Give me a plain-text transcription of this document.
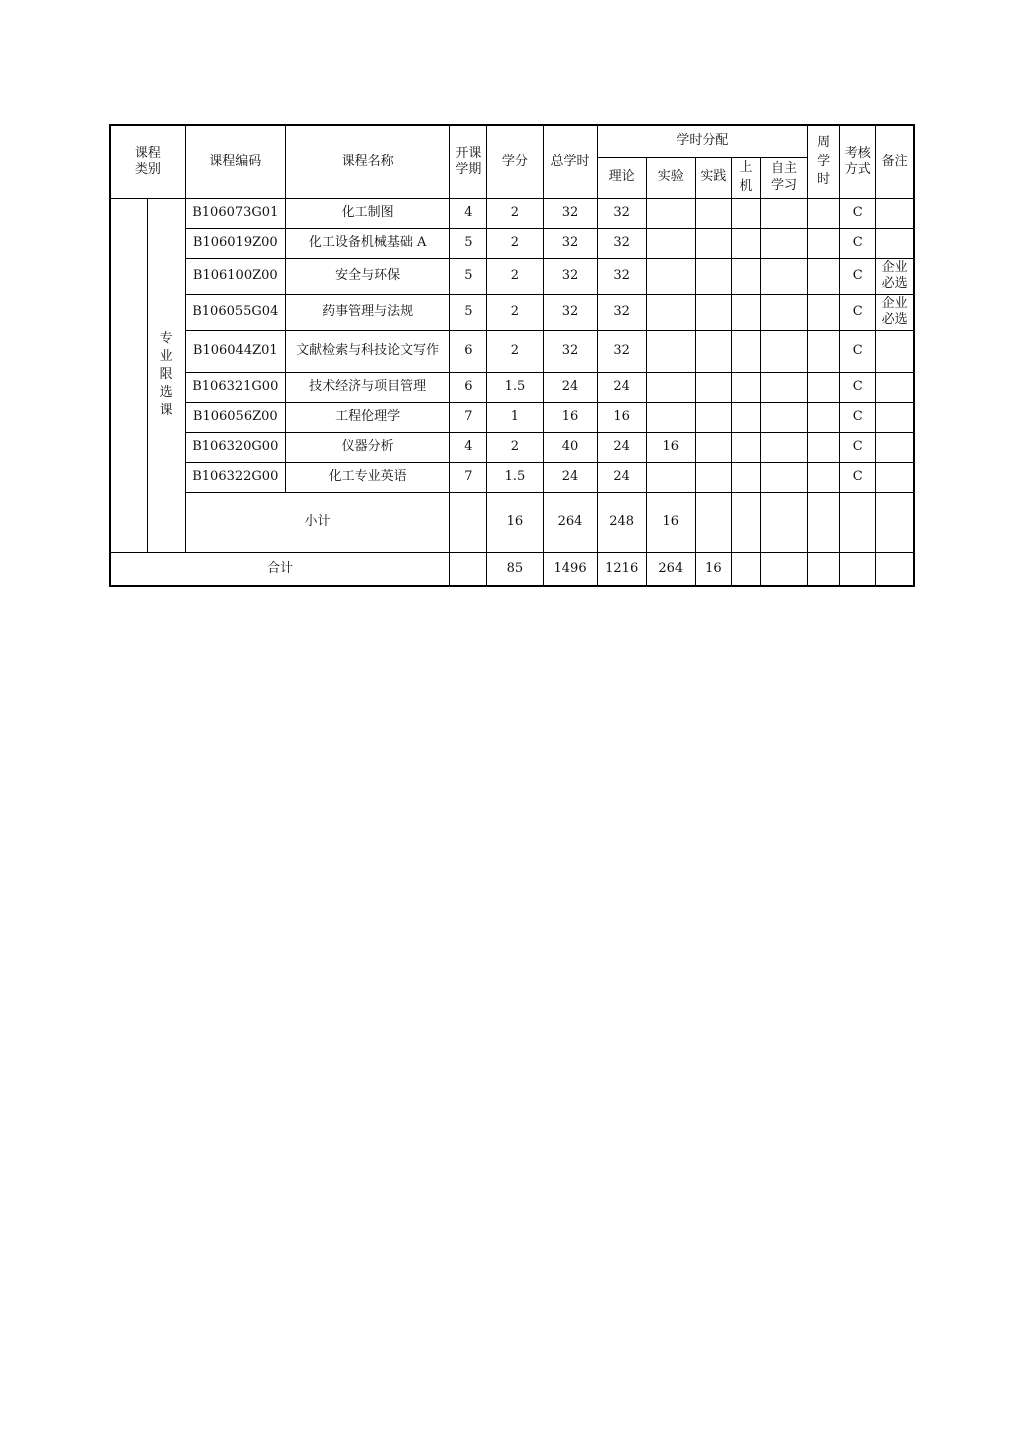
课程类别		课程编码	课程名称	开课学期	学分	总学时	学时分配					周学时	考核方式	备注
							理论	实验	实践	上机	自主学习			
	专业限选课	B106073G01	化工制图	4	2	32	32						C	
		B106019Z00	化工设备机械基础 A	5	2	32	32						C	
		B106100Z00	安全与环保	5	2	32	32						C	企业必选
		B106055G04	药事管理与法规	5	2	32	32						C	企业必选
		B106044Z01	文献检索与科技论文写作	6	2	32	32						C	
		B106321G00	技术经济与项目管理	6	1.5	24	24						C	
		B106056Z00	工程伦理学	7	1	16	16						C	
		B106320G00	仪器分析	4	2	40	24	16					C	
		B106322G00	化工专业英语	7	1.5	24	24						C	
		小计			16	264	248	16						
合计					85	1496	1216	264	16					
